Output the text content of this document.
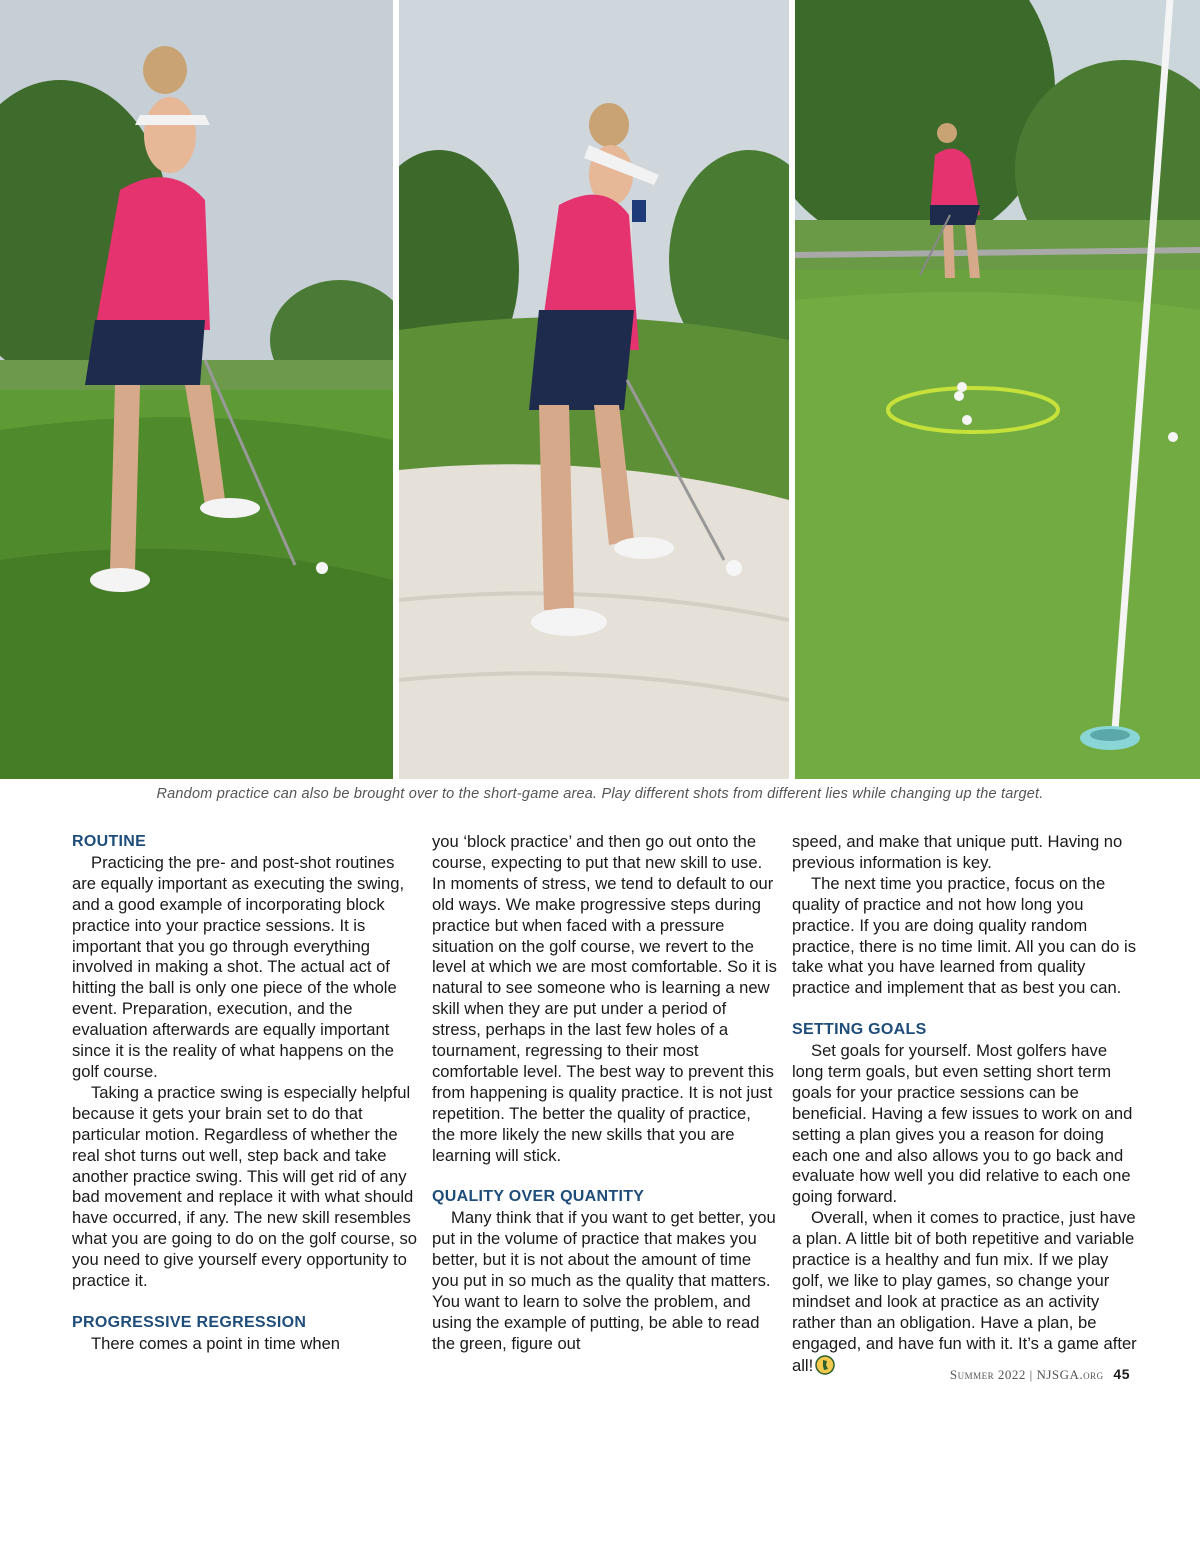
Random practice can also be brought over to the short-game area. Play different shots from different lies while changing up the target.
ROUTINE

Practicing the pre- and post-shot routines are equally important as executing the swing, and a good example of incorporating block practice into your practice sessions. It is important that you go through everything involved in making a shot. The actual act of hitting the ball is only one piece of the whole event. Preparation, execution, and the evaluation afterwards are equally important since it is the reality of what happens on the golf course.

Taking a practice swing is especially helpful because it gets your brain set to do that particular motion. Regardless of whether the real shot turns out well, step back and take another practice swing. This will get rid of any bad movement and replace it with what should have occurred, if any. The new skill resembles what you are going to do on the golf course, so you need to give yourself every opportunity to practice it.

PROGRESSIVE REGRESSION

There comes a point in time when

you ‘block practice’ and then go out onto the course, expecting to put that new skill to use. In moments of stress, we tend to default to our old ways. We make progressive steps during practice but when faced with a pressure situation on the golf course, we revert to the level at which we are most comfortable. So it is natural to see someone who is learning a new skill when they are put under a period of stress, perhaps in the last few holes of a tournament, regressing to their most comfortable level. The best way to prevent this from happening is quality practice. It is not just repetition. The better the quality of practice, the more likely the new skills that you are learning will stick.

QUALITY OVER QUANTITY

Many think that if you want to get better, you put in the volume of practice that makes you better, but it is not about the amount of time you put in so much as the quality that matters. You want to learn to solve the problem, and using the example of putting, be able to read the green, figure out

speed, and make that unique putt. Having no previous information is key.

The next time you practice, focus on the quality of practice and not how long you practice. If you are doing quality random practice, there is no time limit. All you can do is take what you have learned from quality practice and implement that as best you can.

SETTING GOALS

Set goals for yourself. Most golfers have long term goals, but even setting short term goals for your practice sessions can be beneficial. Having a few issues to work on and setting a plan gives you a reason for doing each one and also allows you to go back and evaluate how well you did relative to each one going forward.

Overall, when it comes to practice, just have a plan. A little bit of both repetitive and variable practice is a healthy and fun mix. If we play golf, we like to play games, so change your mindset and look at practice as an activity rather than an obligation. Have a plan, be engaged, and have fun with it. It’s a game after all!	Summer 2022 | NJSGA.org 45
